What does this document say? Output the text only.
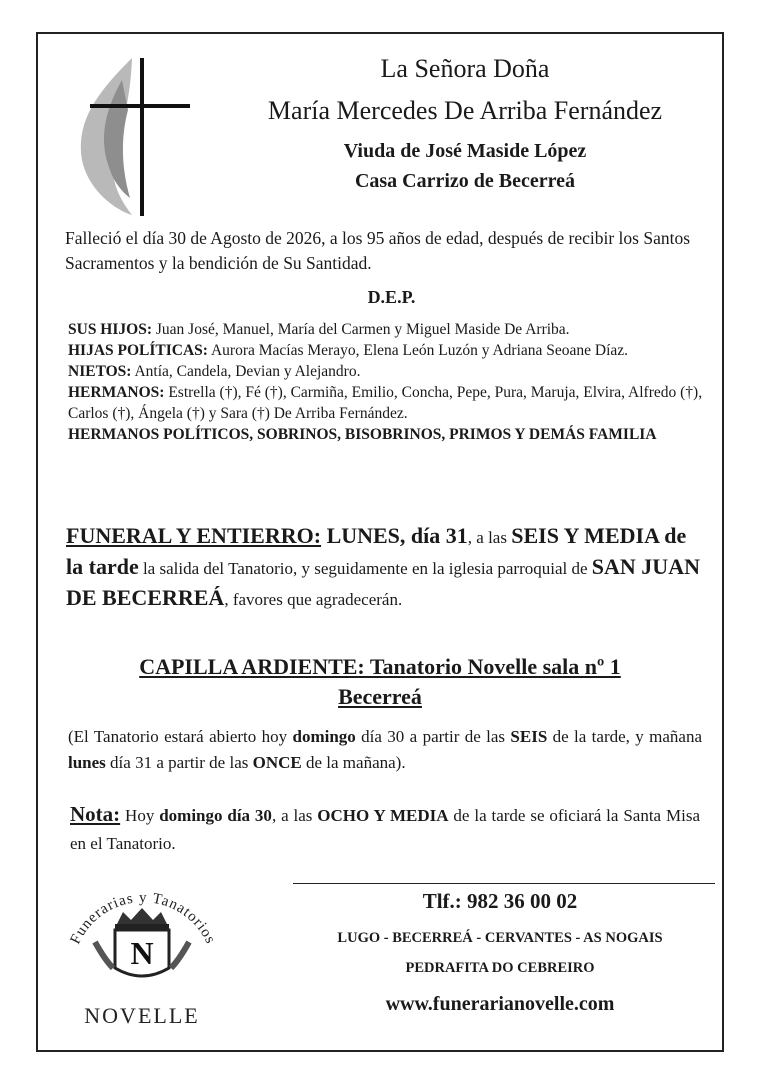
La Señora Doña
María Mercedes De Arriba Fernández
Viuda de José Maside López
Casa Carrizo de Becerreá
Falleció el día 30 de Agosto de 2026, a los 95 años de edad, después de recibir los Santos Sacramentos y la bendición de Su Santidad.
D.E.P.
SUS HIJOS: Juan José, Manuel, María del Carmen y Miguel Maside De Arriba.
HIJAS POLÍTICAS: Aurora Macías Merayo, Elena León Luzón y Adriana Seoane Díaz.
NIETOS: Antía, Candela, Devian y Alejandro.
HERMANOS: Estrella (†), Fé (†), Carmiña, Emilio, Concha, Pepe, Pura, Maruja, Elvira, Alfredo (†), Carlos (†), Ángela (†) y Sara (†) De Arriba Fernández.
HERMANOS POLÍTICOS, SOBRINOS, BISOBRINOS, PRIMOS Y DEMÁS FAMILIA
FUNERAL Y ENTIERRO: LUNES, día 31, a las SEIS Y MEDIA de la tarde la salida del Tanatorio, y seguidamente en la iglesia parroquial de SAN JUAN DE BECERREÁ, favores que agradecerán.
CAPILLA ARDIENTE: Tanatorio Novelle sala nº 1
Becerreá
(El Tanatorio estará abierto hoy domingo día 30 a partir de las SEIS de la tarde, y mañana lunes día 31 a partir de las ONCE de la mañana).
Nota: Hoy domingo día 30, a las OCHO Y MEDIA de la tarde se oficiará la Santa Misa en el Tanatorio.
Funerarias y Tanatorios
N
NOVELLE
Tlf.: 982 36 00 02
LUGO - BECERREÁ - CERVANTES - AS NOGAIS
PEDRAFITA DO CEBREIRO
www.funerarianovelle.com
